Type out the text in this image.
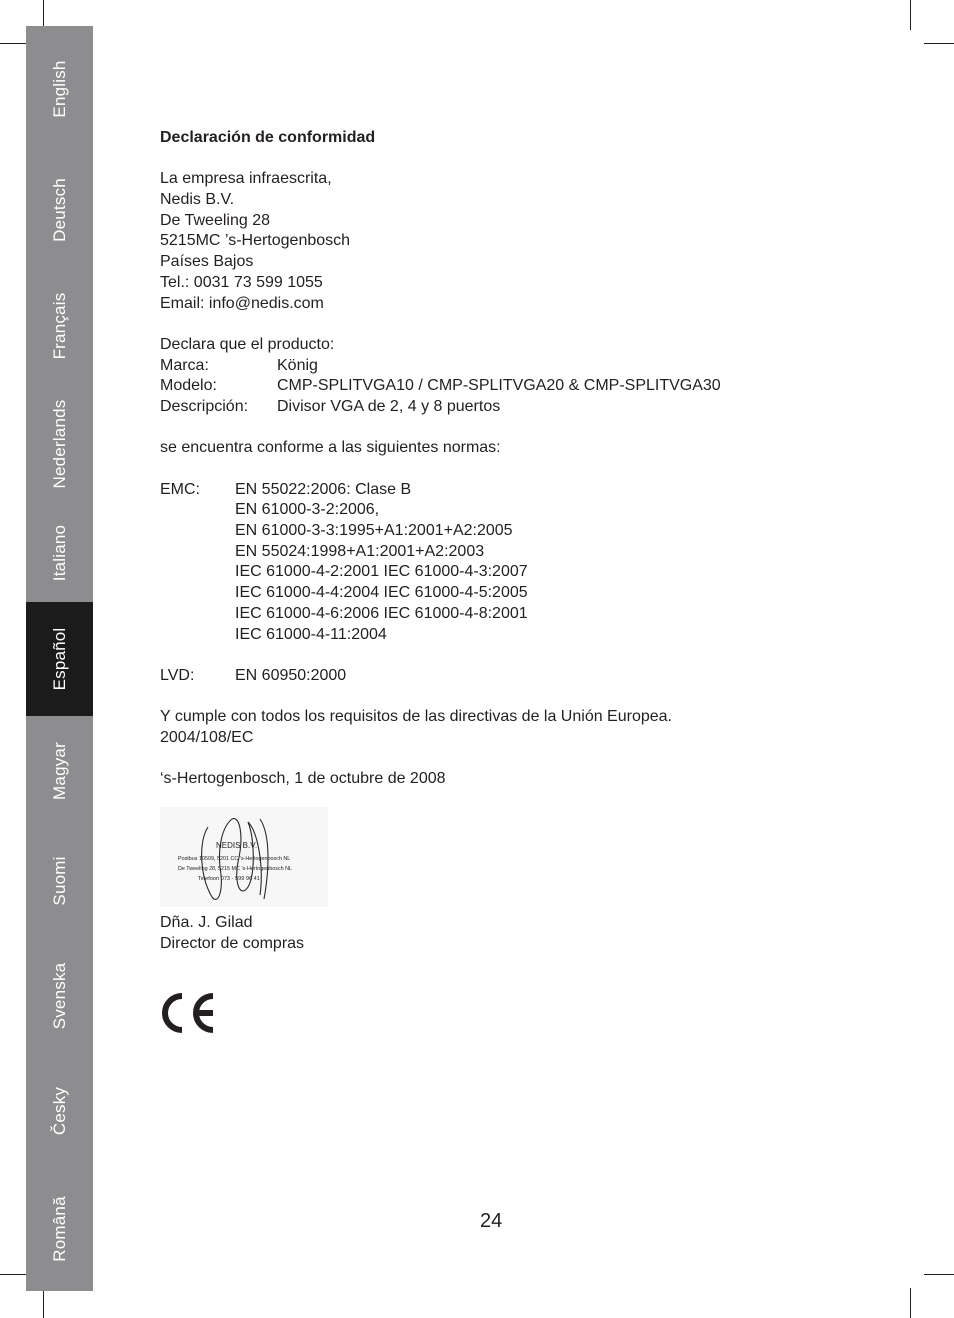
English
Deutsch
Français
Nederlands
Italiano
Español
Magyar
Suomi
Svenska
Česky
Română
Declaración de conformidad
La empresa infraescrita,
Nedis B.V.
De Tweeling 28
5215MC ’s-Hertogenbosch
Países Bajos
Tel.: 0031 73 599 1055
Email: info@nedis.com
Declara que el producto:
Marca:	König
Modelo:	CMP-SPLITVGA10 / CMP-SPLITVGA20 & CMP-SPLITVGA30
Descripción: Divisor VGA de 2, 4 y 8 puertos
se encuentra conforme a las siguientes normas:
EMC: EN 55022:2006: Clase B
EN 61000-3-2:2006,
EN 61000-3-3:1995+A1:2001+A2:2005
EN 55024:1998+A1:2001+A2:2003
IEC 61000-4-2:2001 IEC 61000-4-3:2007
IEC 61000-4-4:2004 IEC 61000-4-5:2005
IEC 61000-4-6:2006 IEC 61000-4-8:2001
IEC 61000-4-11:2004
LVD:	EN 60950:2000
Y cumple con todos los requisitos de las directivas de la Unión Europea.
2004/108/EC
‘s-Hertogenbosch, 1 de octubre de 2008
NEDIS B.V.
Postbus 10509, 5201 CC ’s-Hertogenbosch NL
De Tweeling 28, 5215 MC ’s-Hertogenbosch NL
Telefoon 073 - 599 96 41
Dña. J. Gilad
Director de compras
24
